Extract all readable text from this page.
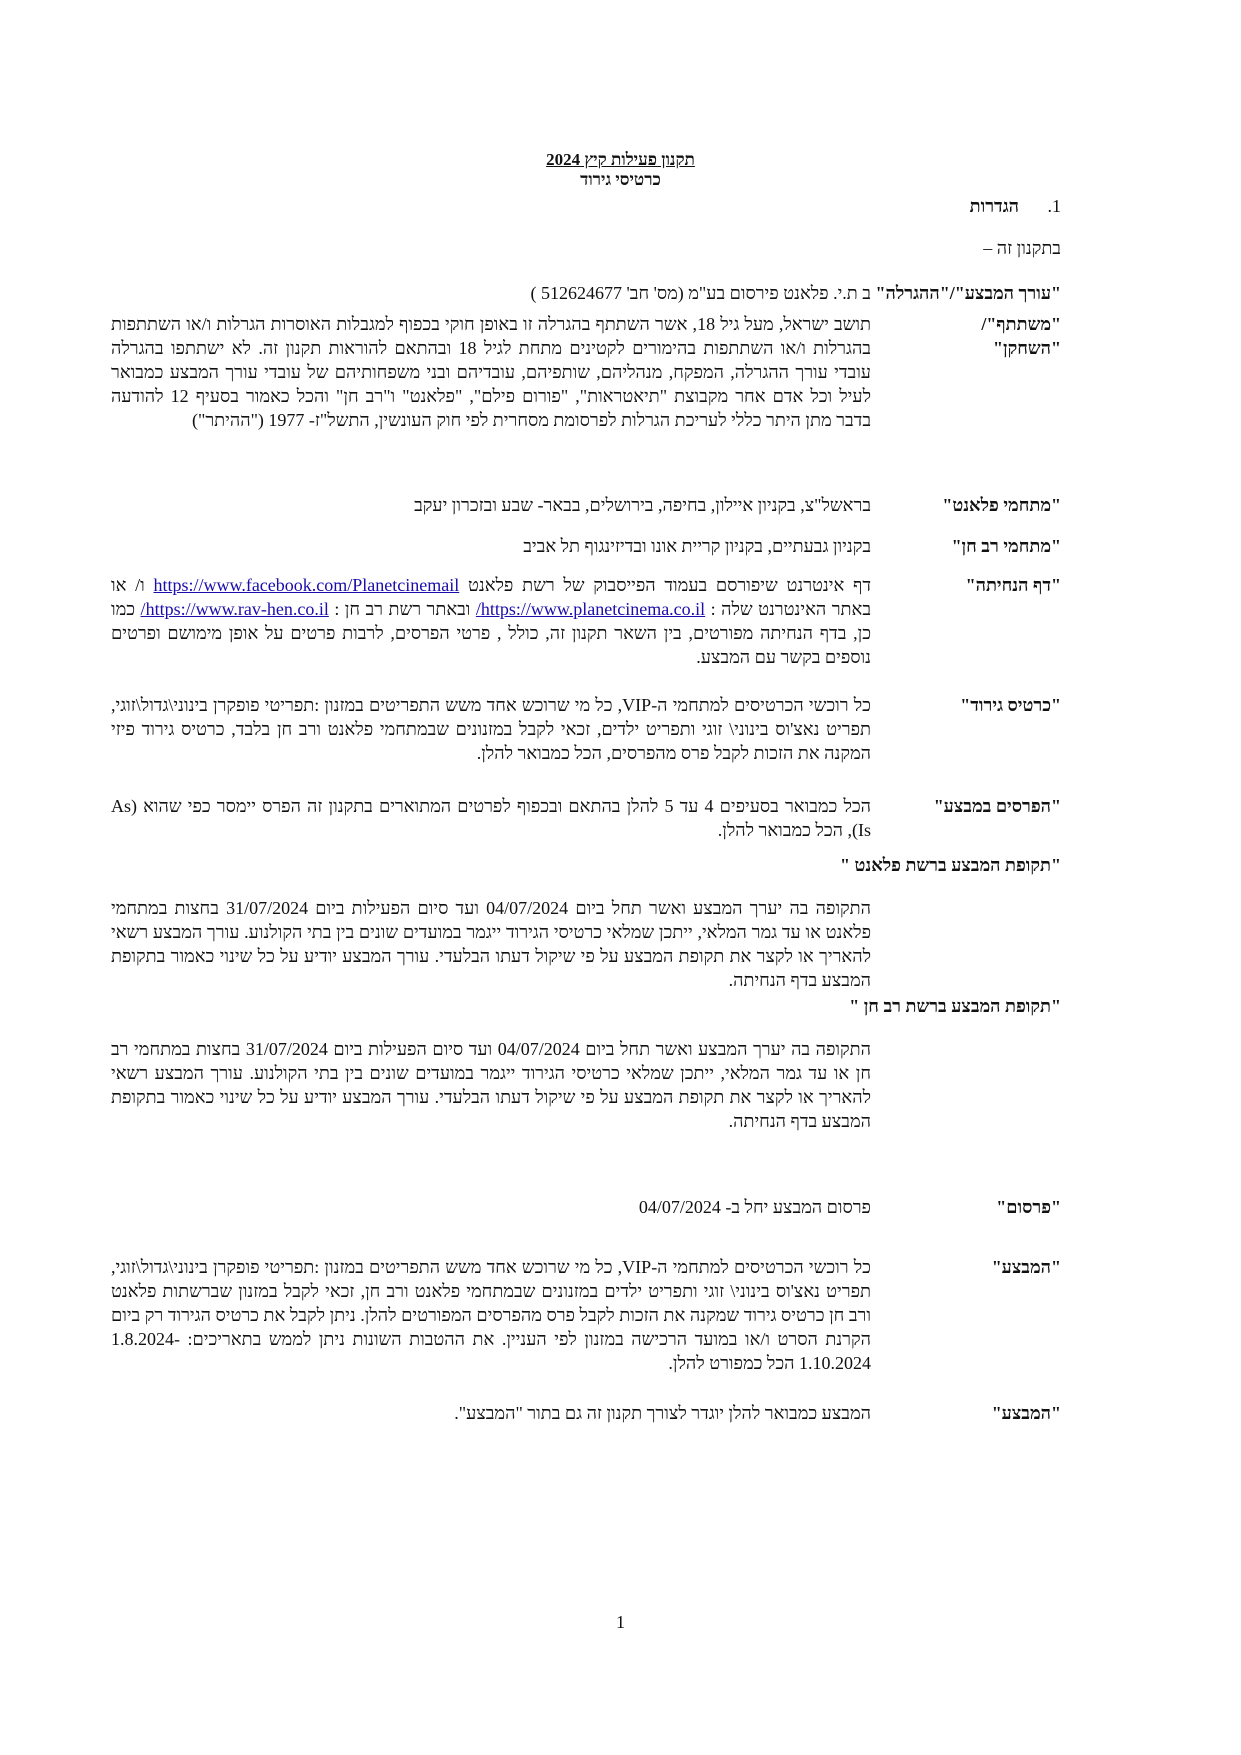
תקנון פעילות קיץ 2024
כרטיסי גירוד
1. הגדרות
בתקנון זה –
"עורך המבצע"/"ההגרלה" ב ת.י. פלאנט פירסום בע"מ (מס' חב' 512624677 )
"משתתף"/ "השחקן"
תושב ישראל, מעל גיל 18, אשר השתתף בהגרלה זו באופן חוקי בכפוף למגבלות האוסרות הגרלות ו/או השתתפות בהגרלות ו/או השתתפות בהימורים לקטינים מתחת לגיל 18 ובהתאם להוראות תקנון זה. לא ישתתפו בהגרלה עובדי עורך ההגרלה, המפקח, מנהליהם, שותפיהם, עובדיהם ובני משפחותיהם של עובדי עורך המבצע כמבואר לעיל וכל אדם אחר מקבוצת "תיאטראות", "פורום פילם", "פלאנט" ו"רב חן" והכל כאמור בסעיף 12 להודעה בדבר מתן היתר כללי לעריכת הגרלות לפרסומת מסחרית לפי חוק העונשין, התשל"ז- 1977 ("ההיתר")
"מתחמי פלאנט"
בראשל"צ, בקניון איילון, בחיפה, בירושלים, בבאר- שבע ובזכרון יעקב
"מתחמי רב חן"
בקניון גבעתיים, בקניון קריית אונו ובדיזינגוף תל אביב
"דף הנחיתה"
דף אינטרנט שיפורסם בעמוד הפייסבוק של רשת פלאנט https://www.facebook.com/Planetcinemail ו/ או באתר האינטרנט שלה : https://www.planetcinema.co.il/ ובאתר רשת רב חן : https://www.rav-hen.co.il/ כמו כן, בדף הנחיתה מפורטים, בין השאר תקנון זה, כולל , פרטי הפרסים, לרבות פרטים על אופן מימושם ופרטים נוספים בקשר עם המבצע.
"כרטיס גירוד"
כל רוכשי הכרטיסים למתחמי ה-VIP, כל מי שרוכש אחד משש התפריטים במזנון :תפריטי פופקרן בינוני\גדול\זוגי, תפריט נאצ'וס בינוני\ זוגי ותפריט ילדים, זכאי לקבל במזנונים שבמתחמי פלאנט ורב חן בלבד, כרטיס גירוד פיזי המקנה את הזכות לקבל פרס מהפרסים, הכל כמבואר להלן.
"הפרסים במבצע"
הכל כמבואר בסעיפים 4 עד 5 להלן בהתאם ובכפוף לפרטים המתוארים בתקנון זה הפרס יימסר כפי שהוא (As Is), הכל כמבואר להלן.
"תקופת המבצע ברשת פלאנט "
התקופה בה יערך המבצע ואשר תחל ביום 04/07/2024 ועד סיום הפעילות ביום 31/07/2024 בחצות במתחמי פלאנט או עד גמר המלאי, ייתכן שמלאי כרטיסי הגירוד ייגמר במועדים שונים בין בתי הקולנוע. עורך המבצע רשאי להאריך או לקצר את תקופת המבצע על פי שיקול דעתו הבלעדי. עורך המבצע יודיע על כל שינוי כאמור בתקופת המבצע בדף הנחיתה.
"תקופת המבצע ברשת רב חן "
התקופה בה יערך המבצע ואשר תחל ביום 04/07/2024 ועד סיום הפעילות ביום 31/07/2024 בחצות במתחמי רב חן או עד גמר המלאי, ייתכן שמלאי כרטיסי הגירוד ייגמר במועדים שונים בין בתי הקולנוע. עורך המבצע רשאי להאריך או לקצר את תקופת המבצע על פי שיקול דעתו הבלעדי. עורך המבצע יודיע על כל שינוי כאמור בתקופת המבצע בדף הנחיתה.
"פרסום"
פרסום המבצע יחל ב- 04/07/2024
"המבצע"
כל רוכשי הכרטיסים למתחמי ה-VIP, כל מי שרוכש אחד משש התפריטים במזנון :תפריטי פופקרן בינוני\גדול\זוגי, תפריט נאצ'וס בינוני\ זוגי ותפריט ילדים במזנונים שבמתחמי פלאנט ורב חן, זכאי לקבל במזנון שברשתות פלאנט ורב חן כרטיס גירוד שמקנה את הזכות לקבל פרס מהפרסים המפורטים להלן. ניתן לקבל את כרטיס הגירוד רק ביום הקרנת הסרט ו/או במועד הרכישה במזנון לפי העניין. את ההטבות השונות ניתן לממש בתאריכים: 1.8.2024-1.10.2024 הכל כמפורט להלן.
"המבצע"
המבצע כמבואר להלן יוגדר לצורך תקנון זה גם בתור "המבצע".
1
